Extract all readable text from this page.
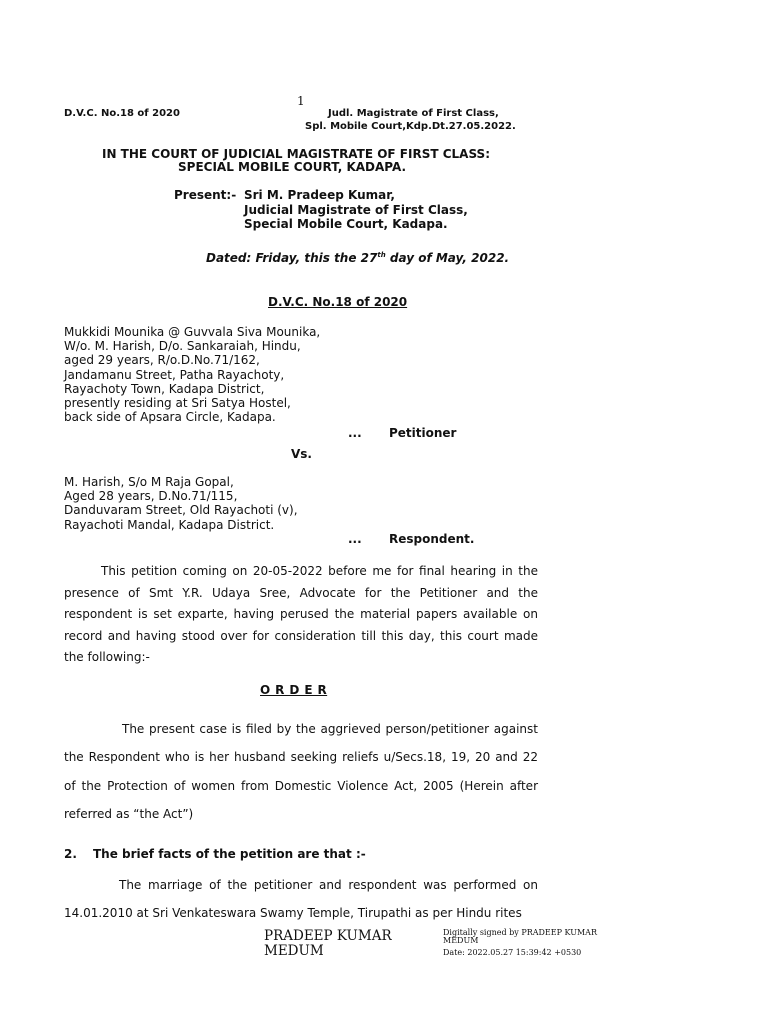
1
D.V.C. No.18 of 2020	Judl. Magistrate of First Class,
Spl. Mobile Court,Kdp.Dt.27.05.2022.
IN THE COURT OF JUDICIAL MAGISTRATE OF FIRST CLASS:
SPECIAL MOBILE COURT, KADAPA.
Present:- Sri M. Pradeep Kumar,
Judicial Magistrate of First Class,
Special Mobile Court, Kadapa.
Dated: Friday, this the 27th day of May, 2022.
D.V.C. No.18 of 2020
Mukkidi Mounika @ Guvvala Siva Mounika,
W/o. M. Harish, D/o. Sankaraiah, Hindu,
aged 29 years, R/o.D.No.71/162,
Jandamanu Street, Patha Rayachoty,
Rayachoty Town, Kadapa District,
presently residing at Sri Satya Hostel,
back side of Apsara Circle, Kadapa.
... Petitioner
Vs.
M. Harish, S/o M Raja Gopal,
Aged 28 years, D.No.71/115,
Danduvaram Street, Old Rayachoti (v),
Rayachoti Mandal, Kadapa District.
... Respondent.
This petition coming on 20-05-2022 before me for final hearing in the presence of Smt Y.R. Udaya Sree, Advocate for the Petitioner and the respondent is set exparte, having perused the material papers available on record and having stood over for consideration till this day, this court made the following:-
O R D E R
The present case is filed by the aggrieved person/petitioner against the Respondent who is her husband seeking reliefs u/Secs.18, 19, 20 and 22 of the Protection of women from Domestic Violence Act, 2005 (Herein after referred as “the Act”)
2. The brief facts of the petition are that :-
The marriage of the petitioner and respondent was performed on 14.01.2010 at Sri Venkateswara Swamy Temple, Tirupathi as per Hindu rites
PRADEEP KUMAR
MEDUM
Digitally signed by PRADEEP KUMAR
MEDUM
Date: 2022.05.27 15:39:42 +0530
